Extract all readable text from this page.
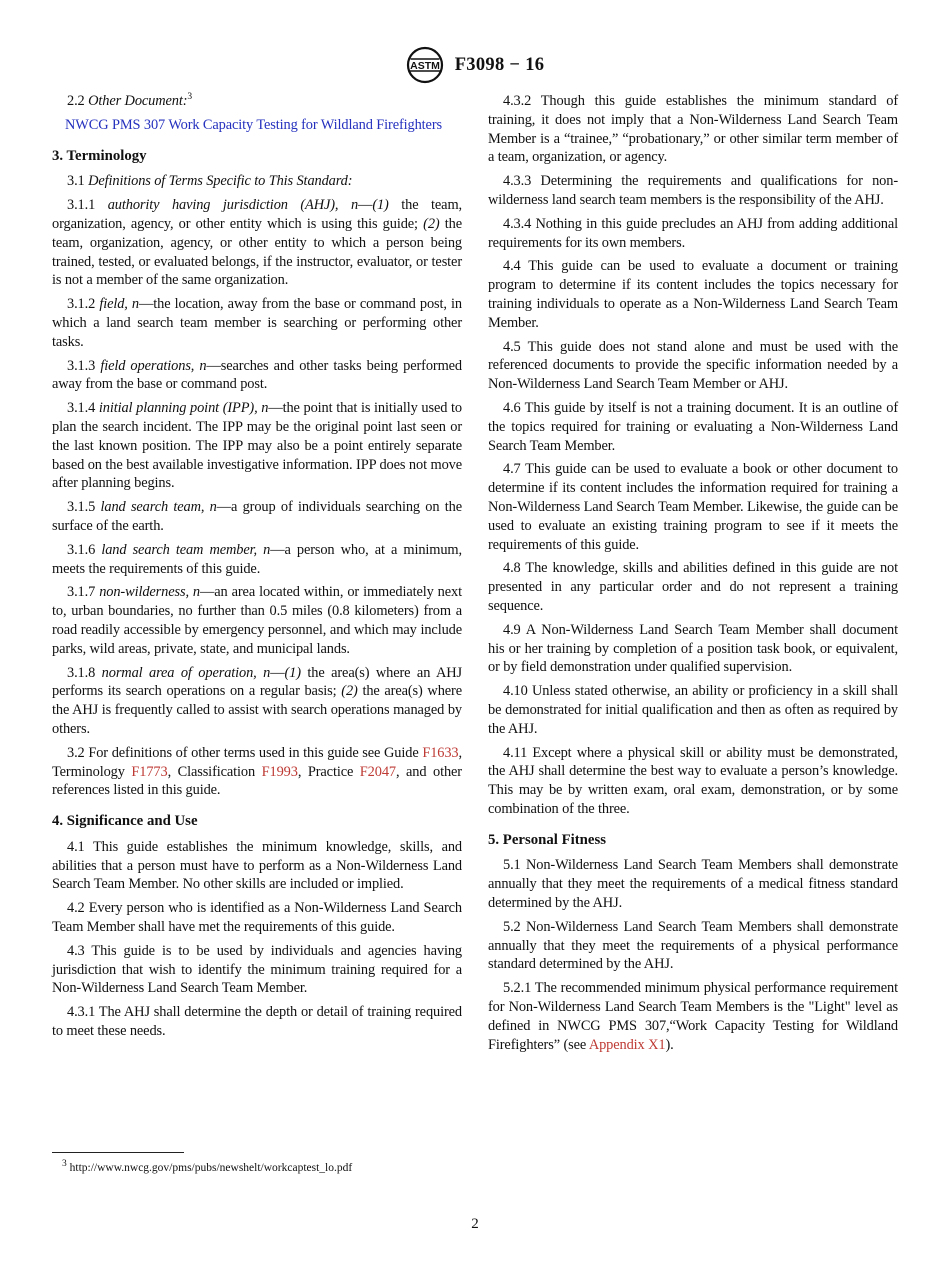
ASTM F3098 − 16

2.2 Other Document:$^3$

NWCG PMS 307 Work Capacity Testing for Wildland Firefighters

3. Terminology

3.1 Definitions of Terms Specific to This Standard:

3.1.1 authority having jurisdiction (AHJ), n—(1) the team, organization, agency, or other entity which is using this guide; (2) the team, organization, agency, or other entity to which a person being trained, tested, or evaluated belongs, if the instructor, evaluator, or tester is not a member of the same organization.

3.1.2 field, n—the location, away from the base or command post, in which a land search team member is searching or performing other tasks.

3.1.3 field operations, n—searches and other tasks being performed away from the base or command post.

3.1.4 initial planning point (IPP), n—the point that is initially used to plan the search incident. The IPP may be the original point last seen or the last known position. The IPP may also be a point entirely separate based on the best available investigative information. IPP does not move after planning begins.

3.1.5 land search team, n—a group of individuals searching on the surface of the earth.

3.1.6 land search team member, n—a person who, at a minimum, meets the requirements of this guide.

3.1.7 non-wilderness, n—an area located within, or immediately next to, urban boundaries, no further than 0.5 miles (0.8 kilometers) from a road readily accessible by emergency personnel, and which may include parks, wild areas, private, state, and municipal lands.

3.1.8 normal area of operation, n—(1) the area(s) where an AHJ performs its search operations on a regular basis; (2) the area(s) where the AHJ is frequently called to assist with search operations managed by others.

3.2 For definitions of other terms used in this guide see Guide F1633, Terminology F1773, Classification F1993, Practice F2047, and other references listed in this guide.

4. Significance and Use

4.1 This guide establishes the minimum knowledge, skills, and abilities that a person must have to perform as a Non-Wilderness Land Search Team Member. No other skills are included or implied.

4.2 Every person who is identified as a Non-Wilderness Land Search Team Member shall have met the requirements of this guide.

4.3 This guide is to be used by individuals and agencies having jurisdiction that wish to identify the minimum training required for a Non-Wilderness Land Search Team Member.

4.3.1 The AHJ shall determine the depth or detail of training required to meet these needs.

4.3.2 Though this guide establishes the minimum standard of training, it does not imply that a Non-Wilderness Land Search Team Member is a “trainee,” “probationary,” or other similar term member of a team, organization, or agency.

4.3.3 Determining the requirements and qualifications for non-wilderness land search team members is the responsibility of the AHJ.

4.3.4 Nothing in this guide precludes an AHJ from adding additional requirements for its own members.

4.4 This guide can be used to evaluate a document or training program to determine if its content includes the topics necessary for training individuals to operate as a Non-Wilderness Land Search Team Member.

4.5 This guide does not stand alone and must be used with the referenced documents to provide the specific information needed by a Non-Wilderness Land Search Team Member or AHJ.

4.6 This guide by itself is not a training document. It is an outline of the topics required for training or evaluating a Non-Wilderness Land Search Team Member.

4.7 This guide can be used to evaluate a book or other document to determine if its content includes the information required for training a Non-Wilderness Land Search Team Member. Likewise, the guide can be used to evaluate an existing training program to see if it meets the requirements of this guide.

4.8 The knowledge, skills and abilities defined in this guide are not presented in any particular order and do not represent a training sequence.

4.9 A Non-Wilderness Land Search Team Member shall document his or her training by completion of a position task book, or equivalent, or by field demonstration under qualified supervision.

4.10 Unless stated otherwise, an ability or proficiency in a skill shall be demonstrated for initial qualification and then as often as required by the AHJ.

4.11 Except where a physical skill or ability must be demonstrated, the AHJ shall determine the best way to evaluate a person’s knowledge. This may be by written exam, oral exam, demonstration, or by some combination of the three.

5. Personal Fitness

5.1 Non-Wilderness Land Search Team Members shall demonstrate annually that they meet the requirements of a medical fitness standard determined by the AHJ.

5.2 Non-Wilderness Land Search Team Members shall demonstrate annually that they meet the requirements of a physical performance standard determined by the AHJ.

5.2.1 The recommended minimum physical performance requirement for Non-Wilderness Land Search Team Members is the "Light" level as defined in NWCG PMS 307,“Work Capacity Testing for Wildland Firefighters” (see Appendix X1).

$^3$ http://www.nwcg.gov/pms/pubs/newshelt/workcaptest_lo.pdf

2
